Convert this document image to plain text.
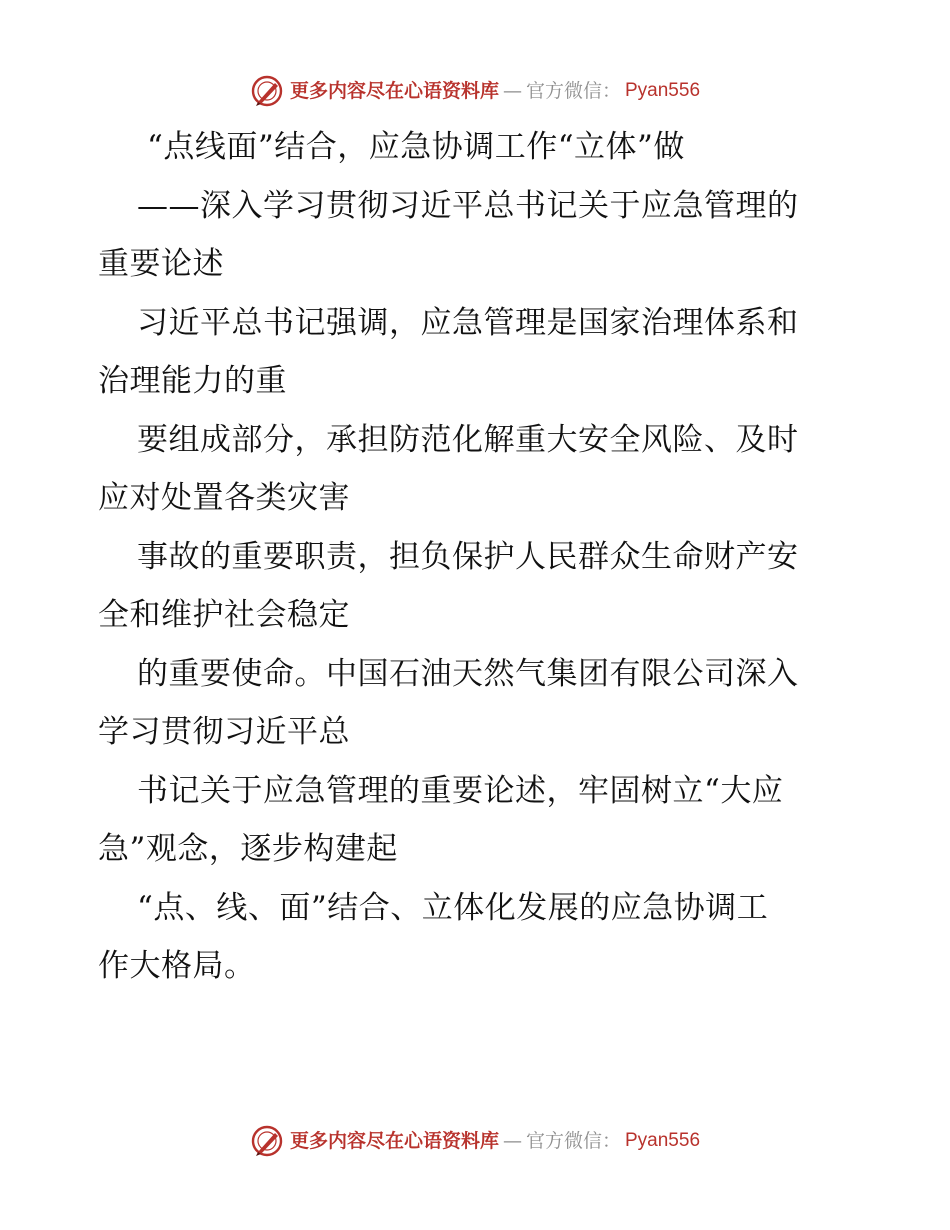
更多内容尽在心语资料库 — 官方微信： Pyan556
“点线面”结合，应急协调工作“立体”做
——深入学习贯彻习近平总书记关于应急管理的
重要论述
习近平总书记强调，应急管理是国家治理体系和
治理能力的重
要组成部分，承担防范化解重大安全风险、及时
应对处置各类灾害
事故的重要职责，担负保护人民群众生命财产安
全和维护社会稳定
的重要使命。中国石油天然气集团有限公司深入
学习贯彻习近平总
书记关于应急管理的重要论述，牢固树立“大应
急”观念，逐步构建起
“点、线、面”结合、立体化发展的应急协调工
作大格局。
更多内容尽在心语资料库 — 官方微信： Pyan556
